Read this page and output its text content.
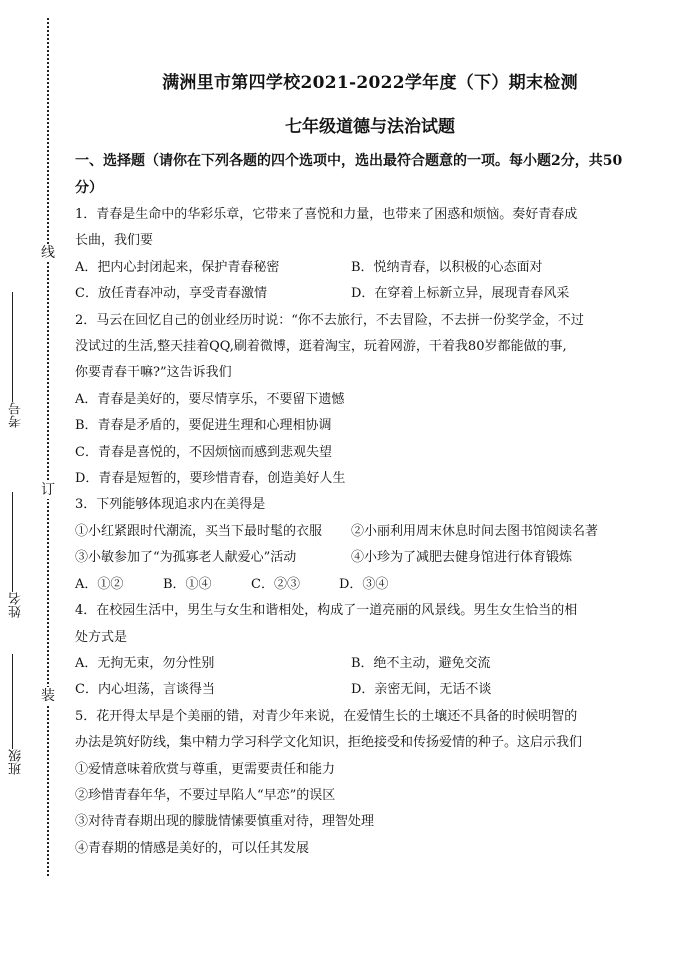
线
订
装
考号
姓名
班级
满洲里市第四学校2021-2022学年度（下）期末检测
七年级道德与法治试题
一、选择题（请你在下列各题的四个选项中，选出最符合题意的一项。每小题2分，共50
分）
1．青春是生命中的华彩乐章，它带来了喜悦和力量，也带来了困惑和烦恼。奏好青春成
长曲，我们要
A．把内心封闭起来，保护青春秘密	B．悦纳青春，以积极的心态面对
C．放任青春冲动，享受青春激情	D．在穿着上标新立异，展现青春风采
2．马云在回忆自己的创业经历时说：“你不去旅行，不去冒险，不去拼一份奖学金，不过
没试过的生活,整天挂着QQ,刷着微博，逛着淘宝，玩着网游，干着我80岁都能做的事,
你要青春干嘛?”这告诉我们
A．青春是美好的，要尽情享乐，不要留下遗憾
B．青春是矛盾的，要促进生理和心理相协调
C．青春是喜悦的，不因烦恼而感到悲观失望
D．青春是短暂的，要珍惜青春，创造美好人生
3．下列能够体现追求内在美得是
①小红紧跟时代潮流，买当下最时髦的衣服	②小丽利用周末休息时间去图书馆阅读名著
③小敏参加了“为孤寡老人献爱心”活动	④小珍为了减肥去健身馆进行体育锻炼
A．①②	B．①④	C．②③	D．③④
4．在校园生活中，男生与女生和谐相处，构成了一道亮丽的风景线。男生女生恰当的相
处方式是
A．无拘无束，勿分性别	B．绝不主动，避免交流
C．内心坦荡，言谈得当	D．亲密无间，无话不谈
5．花开得太早是个美丽的错，对青少年来说，在爱情生长的土壤还不具备的时候明智的
办法是筑好防线，集中精力学习科学文化知识，拒绝接受和传扬爱情的种子。这启示我们
①爱情意味着欣赏与尊重，更需要责任和能力
②珍惜青春年华，不要过早陷人“早恋”的误区
③对待青春期出现的朦胧情愫要慎重对待，理智处理
④青春期的情感是美好的，可以任其发展
